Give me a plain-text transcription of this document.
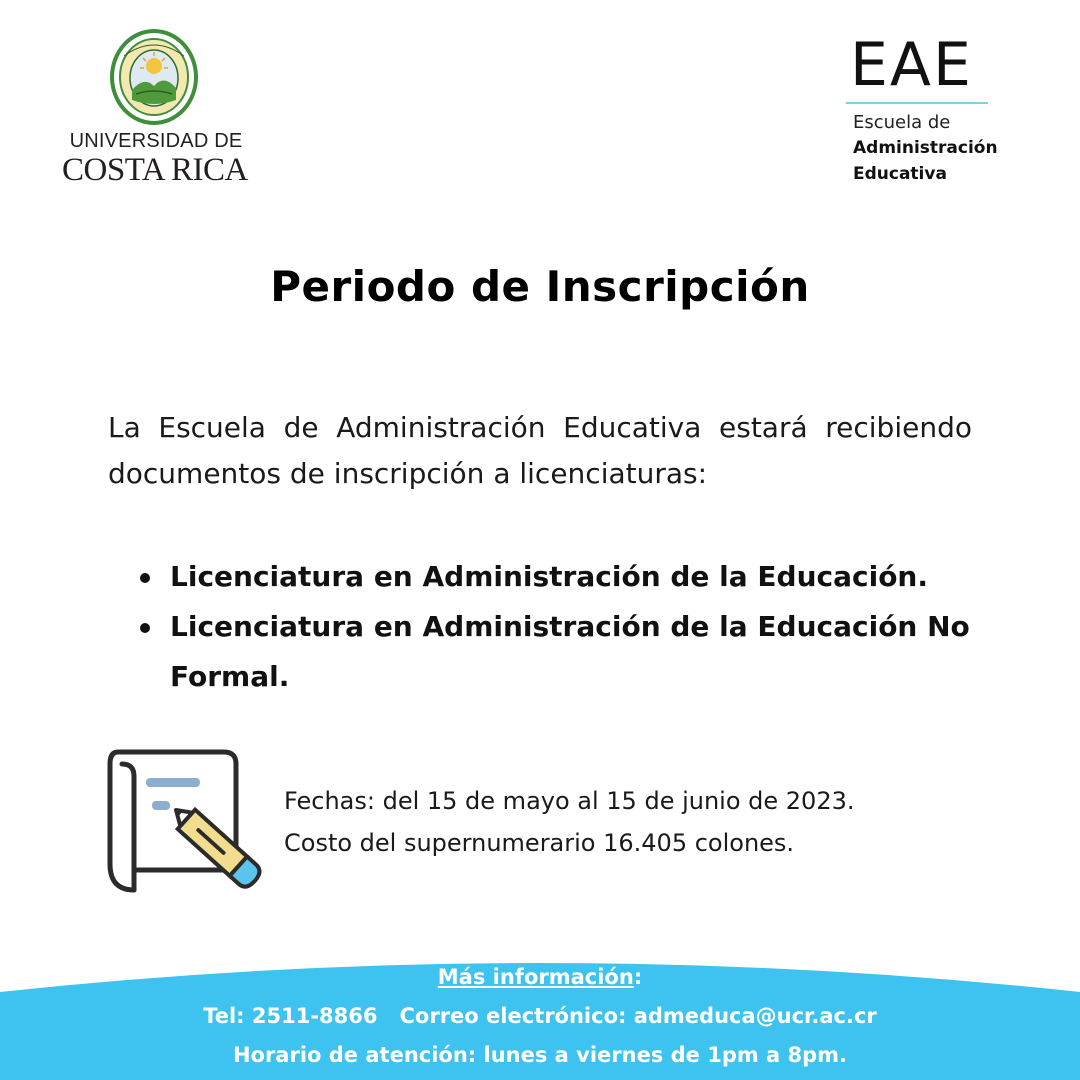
UNIVERSIDAD DE
COSTA RICA
EAE
Escuela de
Administración
Educativa
Periodo de Inscripción
La Escuela de Administración Educativa estará recibiendo documentos de inscripción a licenciaturas:
Licenciatura en Administración de la Educación.
Licenciatura en Administración de la Educación No Formal.
Fechas: del 15 de mayo al 15 de junio de 2023.
Costo del supernumerario 16.405 colones.
Más información:
Tel: 2511-8866 Correo electrónico: admeduca@ucr.ac.cr
Horario de atención: lunes a viernes de 1pm a 8pm.
